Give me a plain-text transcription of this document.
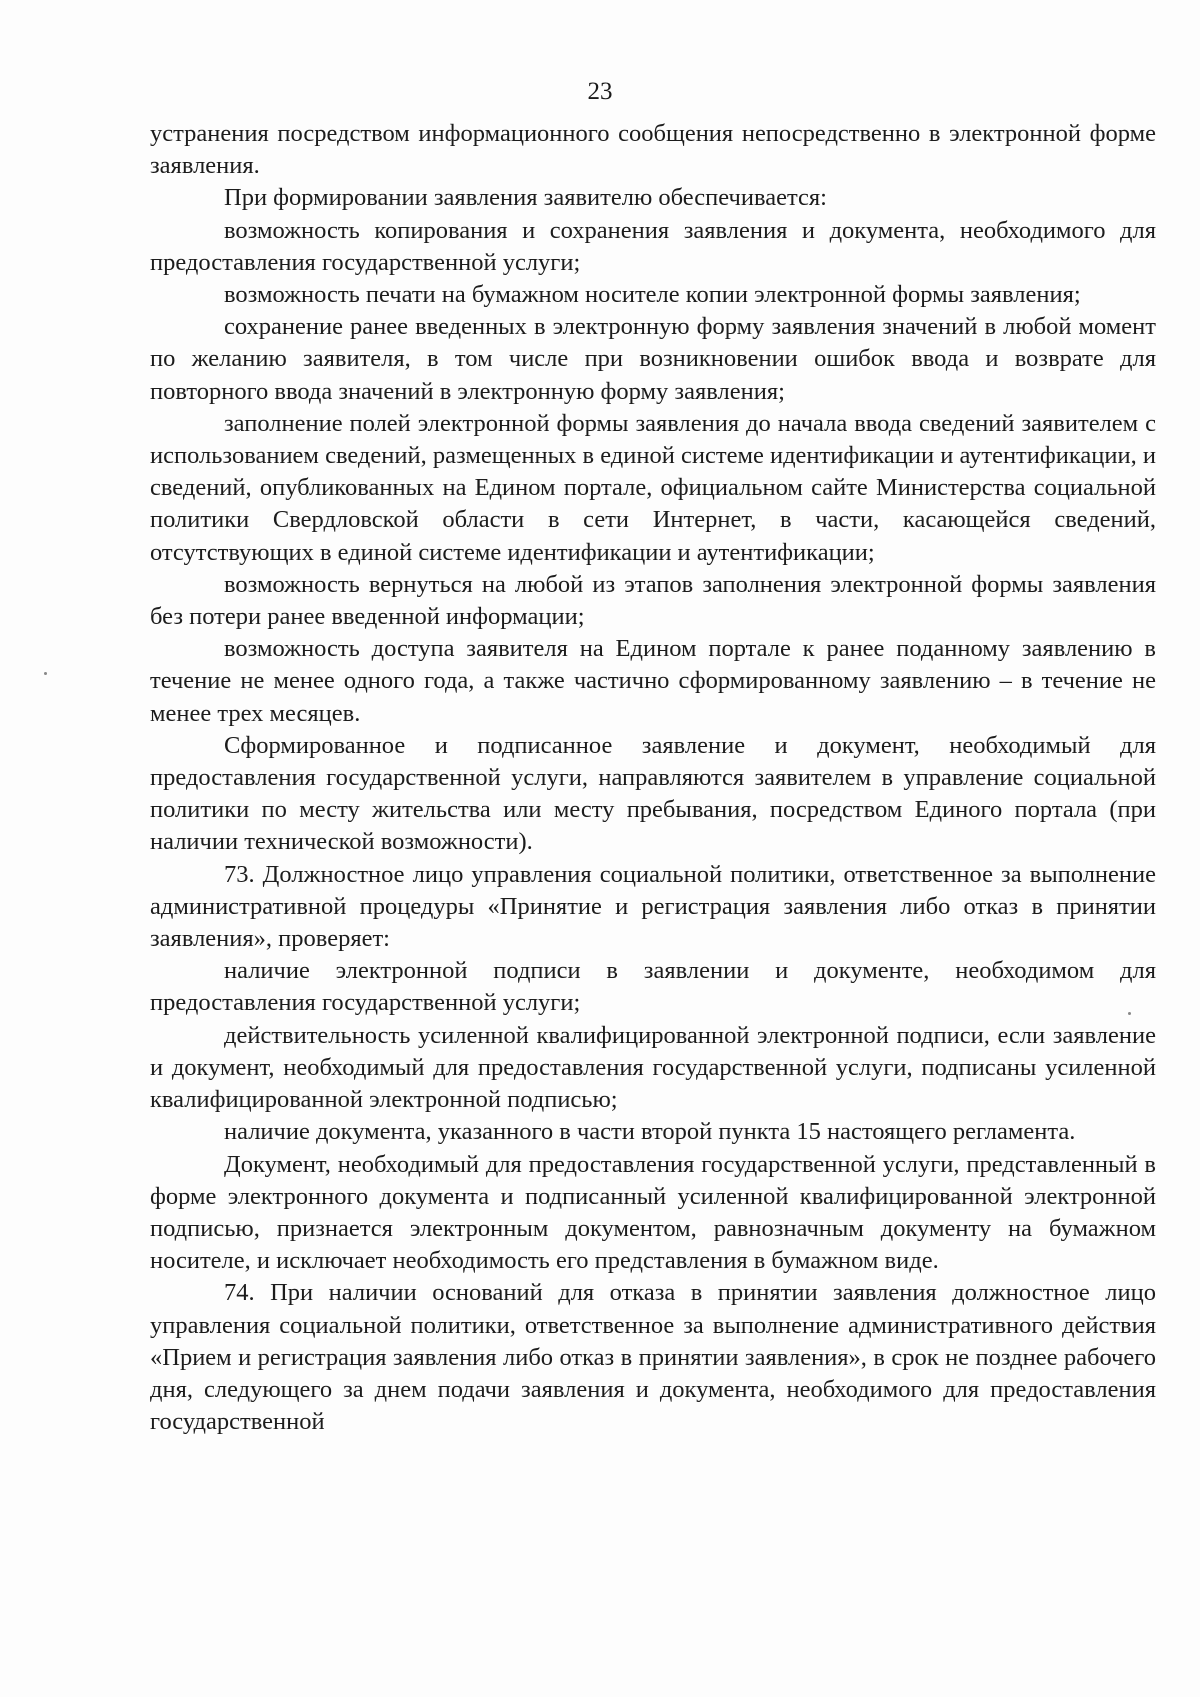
23

устранения посредством информационного сообщения непосредственно в электронной форме заявления.

При формировании заявления заявителю обеспечивается:

возможность копирования и сохранения заявления и документа, необходимого для предоставления государственной услуги;

возможность печати на бумажном носителе копии электронной формы заявления;

сохранение ранее введенных в электронную форму заявления значений в любой момент по желанию заявителя, в том числе при возникновении ошибок ввода и возврате для повторного ввода значений в электронную форму заявления;

заполнение полей электронной формы заявления до начала ввода сведений заявителем с использованием сведений, размещенных в единой системе идентификации и аутентификации, и сведений, опубликованных на Едином портале, официальном сайте Министерства социальной политики Свердловской области в сети Интернет, в части, касающейся сведений, отсутствующих в единой системе идентификации и аутентификации;

возможность вернуться на любой из этапов заполнения электронной формы заявления без потери ранее введенной информации;

возможность доступа заявителя на Едином портале к ранее поданному заявлению в течение не менее одного года, а также частично сформированному заявлению – в течение не менее трех месяцев.

Сформированное и подписанное заявление и документ, необходимый для предоставления государственной услуги, направляются заявителем в управление социальной политики по месту жительства или месту пребывания, посредством Единого портала (при наличии технической возможности).

73. Должностное лицо управления социальной политики, ответственное за выполнение административной процедуры «Принятие и регистрация заявления либо отказ в принятии заявления», проверяет:

наличие электронной подписи в заявлении и документе, необходимом для предоставления государственной услуги;

действительность усиленной квалифицированной электронной подписи, если заявление и документ, необходимый для предоставления государственной услуги, подписаны усиленной квалифицированной электронной подписью;

наличие документа, указанного в части второй пункта 15 настоящего регламента.

Документ, необходимый для предоставления государственной услуги, представленный в форме электронного документа и подписанный усиленной квалифицированной электронной подписью, признается электронным документом, равнозначным документу на бумажном носителе, и исключает необходимость его представления в бумажном виде.

74. При наличии оснований для отказа в принятии заявления должностное лицо управления социальной политики, ответственное за выполнение административного действия «Прием и регистрация заявления либо отказ в принятии заявления», в срок не позднее рабочего дня, следующего за днем подачи заявления и документа, необходимого для предоставления государственной
